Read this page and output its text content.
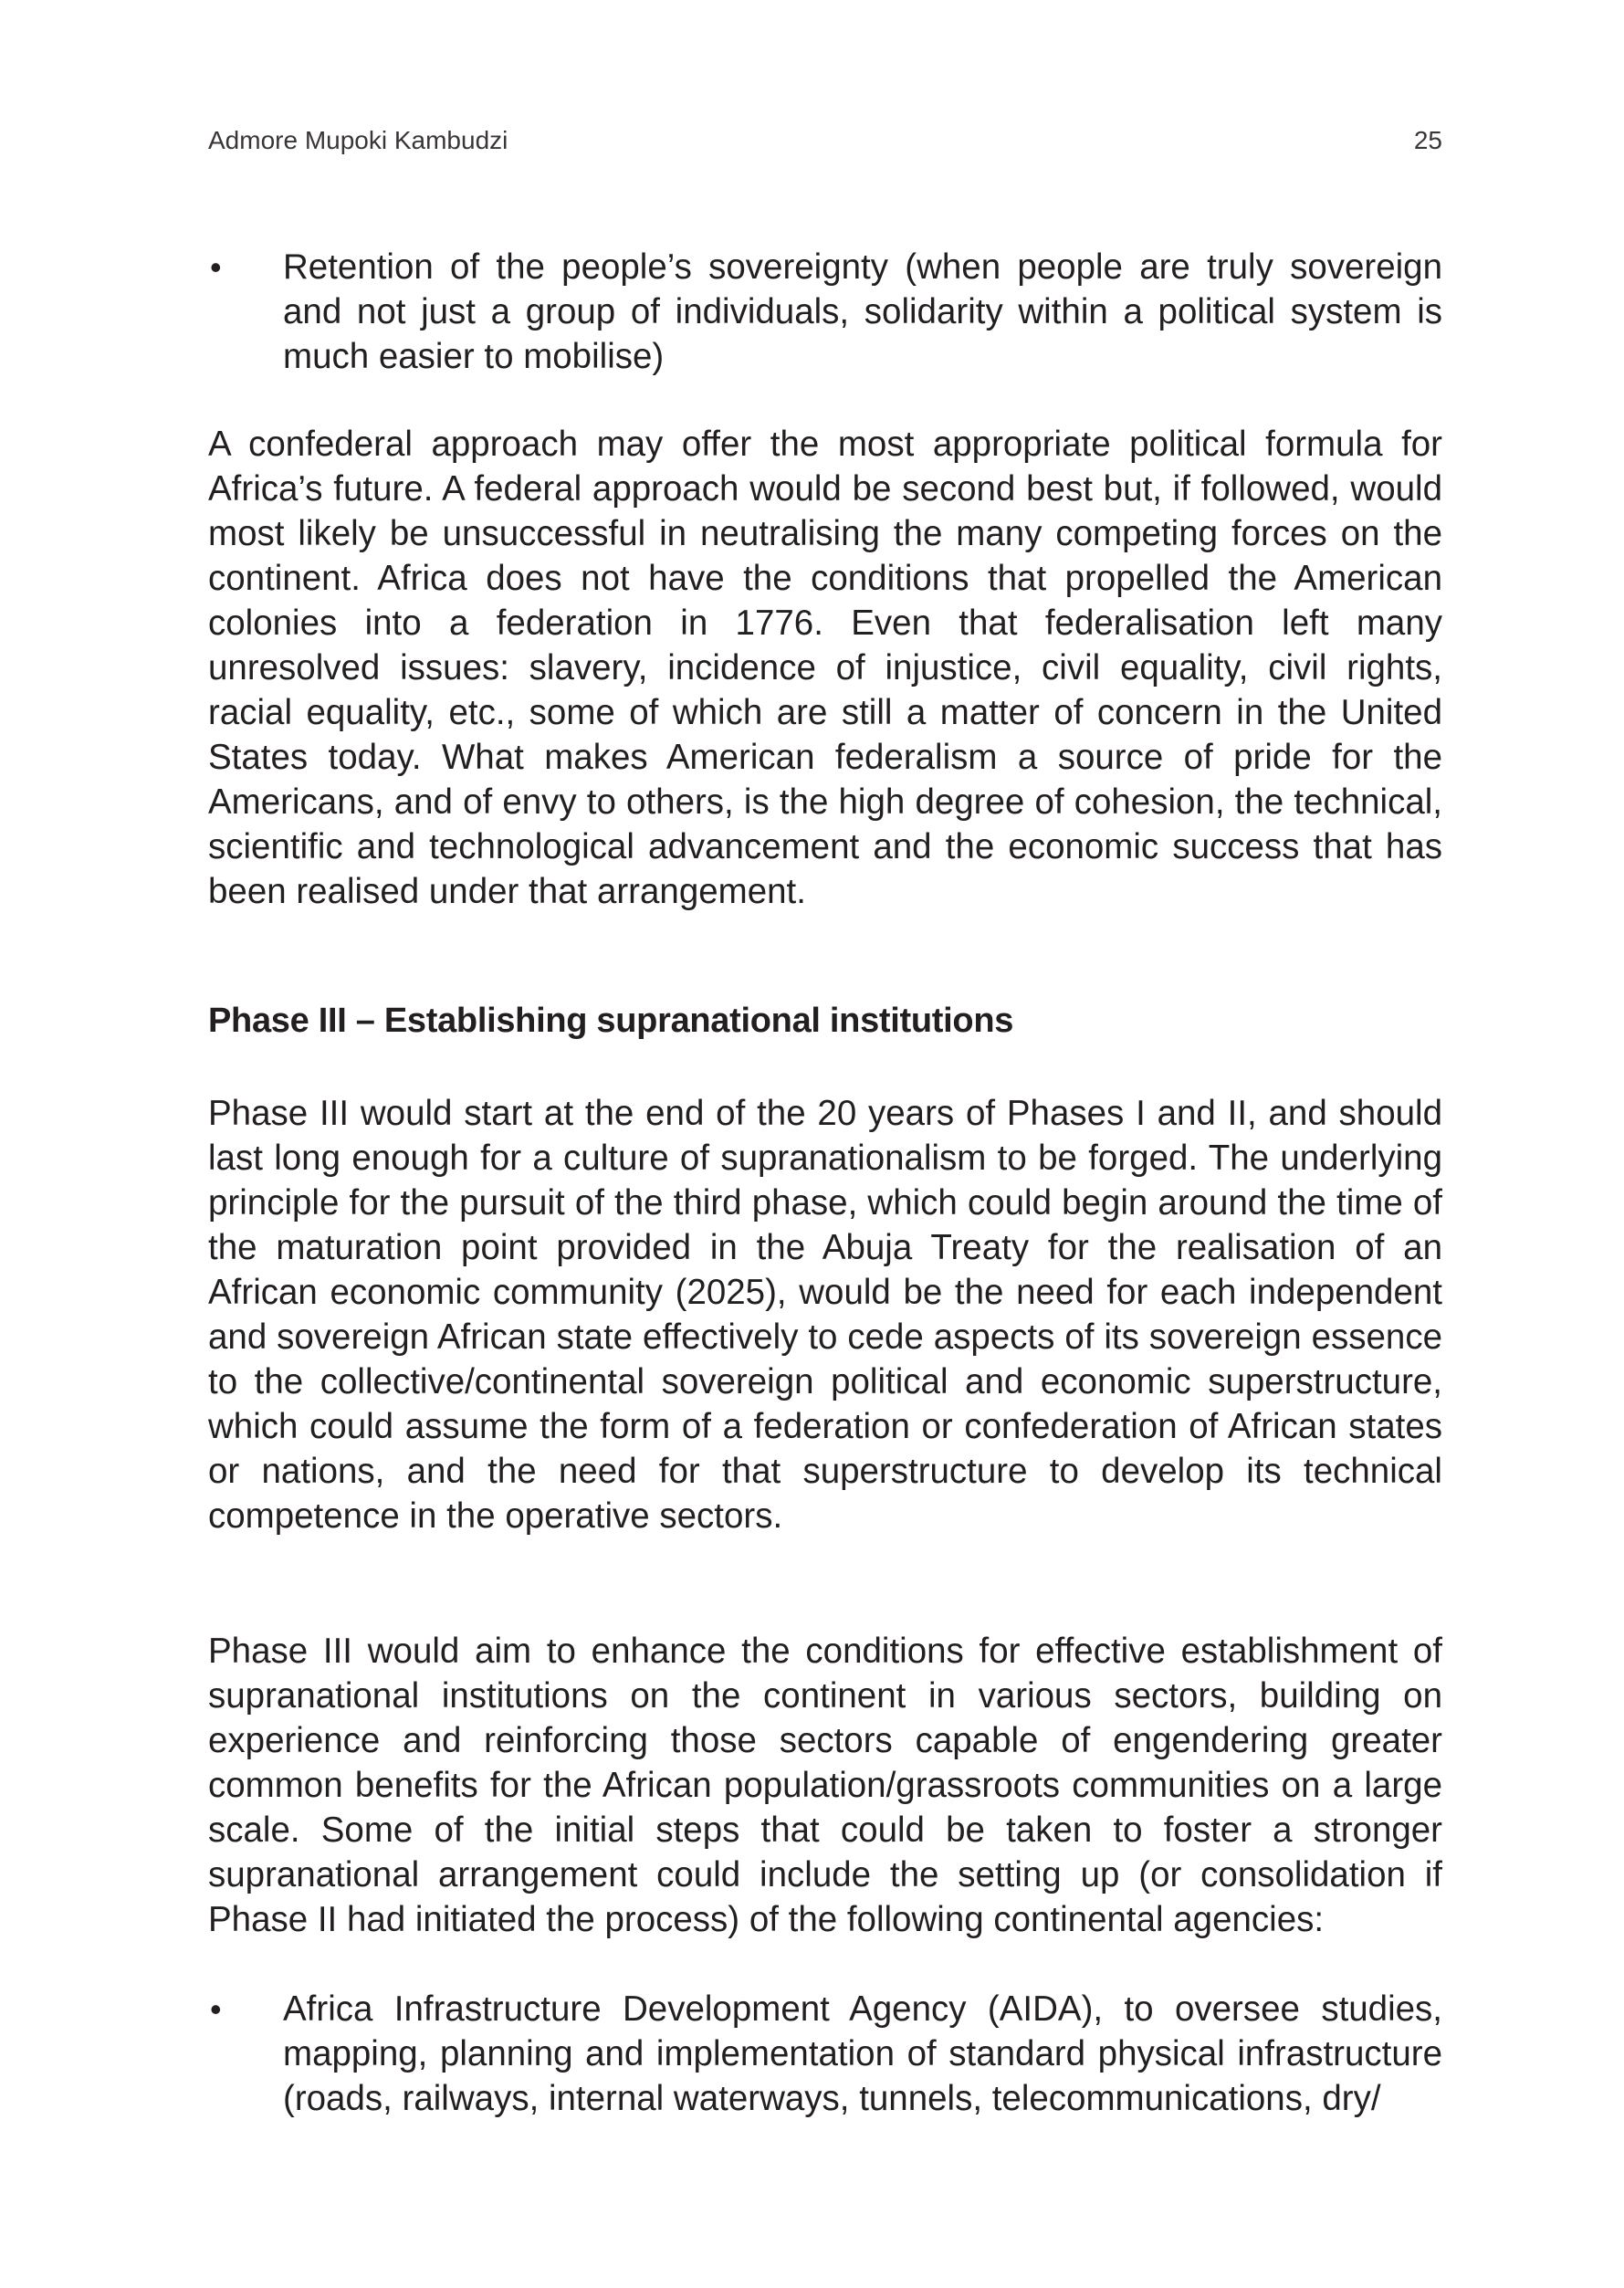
Admore Mupoki Kambudzi	25
•	Retention of the people’s sovereignty (when people are truly sovereign and not just a group of individuals, solidarity within a political system is much easier to mobilise)

A confederal approach may offer the most appropriate political formula for Africa’s future. A federal approach would be second best but, if followed, would most likely be unsuccessful in neutralising the many competing forces on the continent. Africa does not have the conditions that propelled the American colonies into a federation in 1776. Even that federalisation left many unresolved issues: slavery, incidence of injustice, civil equality, civil rights, racial equality, etc., some of which are still a matter of concern in the United States today. What makes American federalism a source of pride for the Americans, and of envy to others, is the high degree of cohesion, the technical, scientific and technological advancement and the economic success that has been realised under that arrangement.

Phase III – Establishing supranational institutions

Phase III would start at the end of the 20 years of Phases I and II, and should last long enough for a culture of supranationalism to be forged. The underlying principle for the pursuit of the third phase, which could begin around the time of the maturation point provided in the Abuja Treaty for the realisation of an African economic community (2025), would be the need for each independent and sovereign African state effectively to cede aspects of its sovereign essence to the collective/continental sovereign political and economic superstructure, which could assume the form of a federation or confederation of African states or nations, and the need for that superstructure to develop its technical competence in the operative sectors.

Phase III would aim to enhance the conditions for effective establishment of supranational institutions on the continent in various sectors, building on experience and reinforcing those sectors capable of engendering greater common benefits for the African population/grassroots communities on a large scale. Some of the initial steps that could be taken to foster a stronger supranational arrangement could include the setting up (or consolidation if Phase II had initiated the process) of the following continental agencies:

•	Africa Infrastructure Development Agency (AIDA), to oversee studies, mapping, planning and implementation of standard physical infrastructure (roads, railways, internal waterways, tunnels, telecommunications, dry/
